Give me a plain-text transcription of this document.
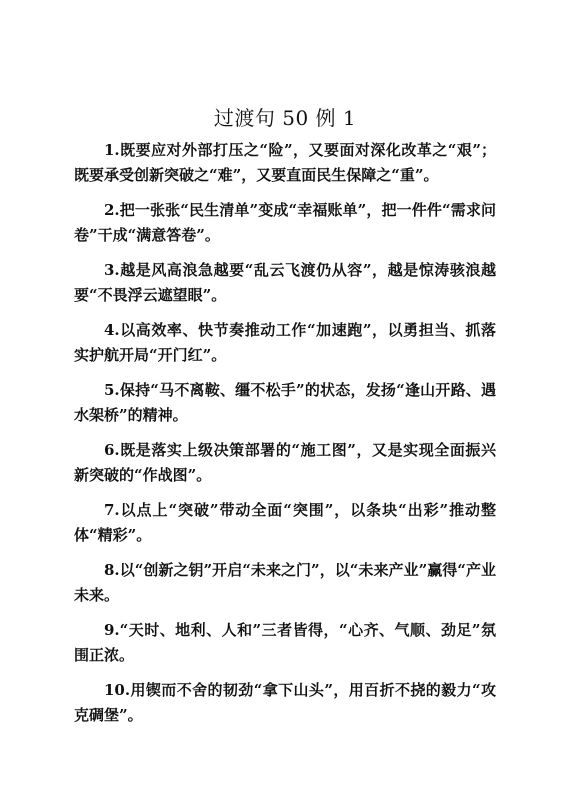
过渡句 50 例 1

1.既要应对外部打压之“险”，又要面对深化改革之“艰”；既要承受创新突破之“难”，又要直面民生保障之“重”。

2.把一张张“民生清单”变成“幸福账单”，把一件件“需求问卷”干成“满意答卷”。

3.越是风高浪急越要“乱云飞渡仍从容”，越是惊涛骇浪越要“不畏浮云遮望眼”。

4.以高效率、快节奏推动工作“加速跑”，以勇担当、抓落实护航开局“开门红”。

5.保持“马不离鞍、缰不松手”的状态，发扬“逢山开路、遇水架桥”的精神。

6.既是落实上级决策部署的“施工图”，又是实现全面振兴新突破的“作战图”。

7.以点上“突破”带动全面“突围”，以条块“出彩”推动整体“精彩”。

8.以“创新之钥”开启“未来之门”，以“未来产业”赢得“产业未来。

9.“天时、地利、人和”三者皆得，“心齐、气顺、劲足”氛围正浓。

10.用锲而不舍的韧劲“拿下山头”，用百折不挠的毅力“攻克碉堡”。
